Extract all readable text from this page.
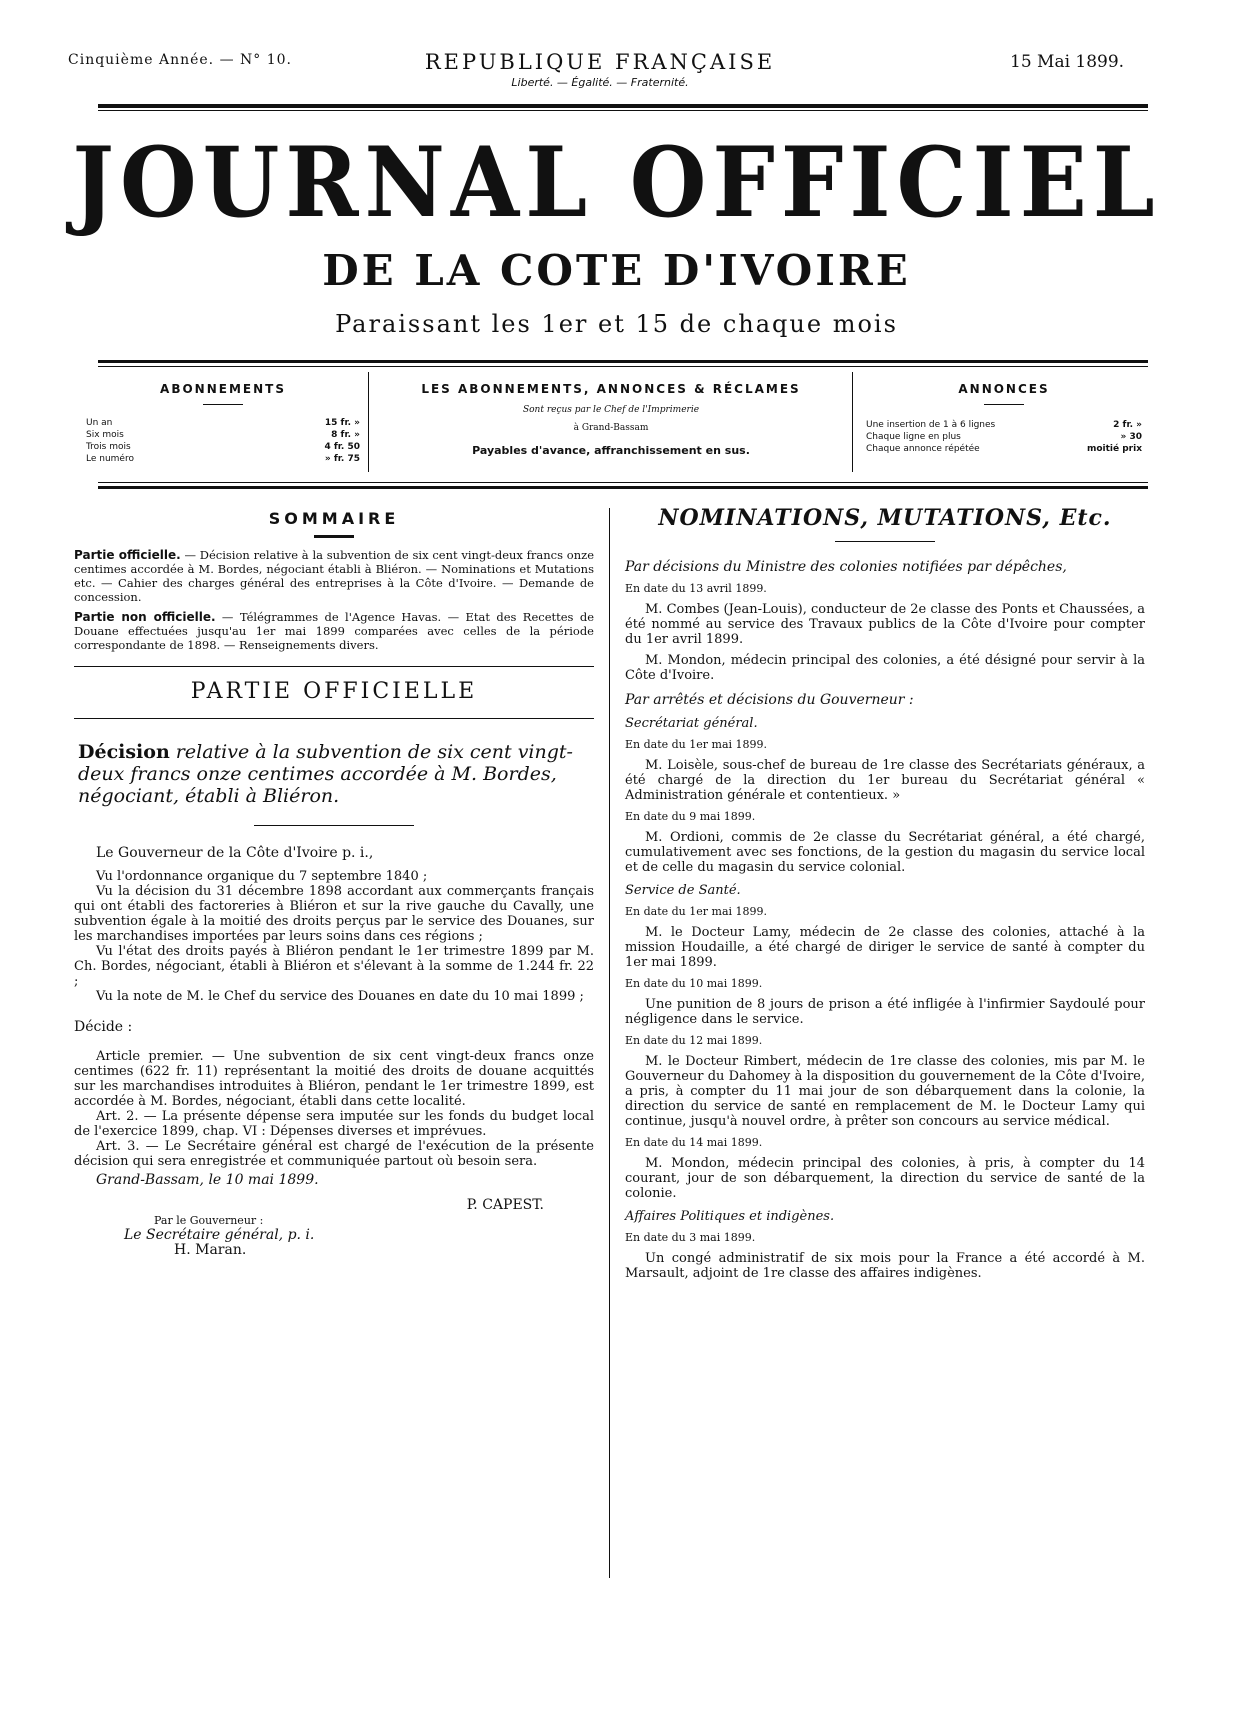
Cinquième Année. — N° 10.	REPUBLIQUE FRANÇAISE
Liberté. — Égalité. — Fraternité.
15 Mai 1899.
JOURNAL OFFICIEL
DE LA COTE D'IVOIRE
Paraissant les 1er et 15 de chaque mois
ABONNEMENTS
Un an	15 fr. »
Six mois	8 fr. »
Trois mois	4 fr. 50
Le numéro	» fr. 75
LES ABONNEMENTS, ANNONCES & RÉCLAMES
Sont reçus par le Chef de l'Imprimerie
à Grand-Bassam
Payables d'avance, affranchissement en sus.
ANNONCES
Une insertion de 1 à 6 lignes	2 fr. »
Chaque ligne en plus	» 30
Chaque annonce répétée	moitié prix
SOMMAIRE

Partie officielle. — Décision relative à la subvention de six cent vingt-deux francs onze centimes accordée à M. Bordes, négociant établi à Bliéron. — Nominations et Mutations etc. — Cahier des charges général des entreprises à la Côte d'Ivoire. — Demande de concession.

Partie non officielle. — Télégrammes de l'Agence Havas. — Etat des Recettes de Douane effectuées jusqu'au 1er mai 1899 comparées avec celles de la période correspondante de 1898. — Renseignements divers.

PARTIE OFFICIELLE

Décision relative à la subvention de six cent vingt-deux francs onze centimes accordée à M. Bordes, négociant, établi à Bliéron.

Le Gouverneur de la Côte d'Ivoire p. i.,

Vu l'ordonnance organique du 7 septembre 1840 ;

Vu la décision du 31 décembre 1898 accordant aux commerçants français qui ont établi des factoreries à Bliéron et sur la rive gauche du Cavally, une subvention égale à la moitié des droits perçus par le service des Douanes, sur les marchandises importées par leurs soins dans ces régions ;

Vu l'état des droits payés à Bliéron pendant le 1er trimestre 1899 par M. Ch. Bordes, négociant, établi à Bliéron et s'élevant à la somme de 1.244 fr. 22 ;

Vu la note de M. le Chef du service des Douanes en date du 10 mai 1899 ;

Décide :

Article premier. — Une subvention de six cent vingt-deux francs onze centimes (622 fr. 11) représentant la moitié des droits de douane acquittés sur les marchandises introduites à Bliéron, pendant le 1er trimestre 1899, est accordée à M. Bordes, négociant, établi dans cette localité.

Art. 2. — La présente dépense sera imputée sur les fonds du budget local de l'exercice 1899, chap. VI : Dépenses diverses et imprévues.

Art. 3. — Le Secrétaire général est chargé de l'exécution de la présente décision qui sera enregistrée et communiquée partout où besoin sera.

Grand-Bassam, le 10 mai 1899.

P. CAPEST.

Par le Gouverneur :

Le Secrétaire général, p. i.

H. Maran.

NOMINATIONS, MUTATIONS, Etc.

Par décisions du Ministre des colonies notifiées par dépêches,

En date du 13 avril 1899.

M. Combes (Jean-Louis), conducteur de 2e classe des Ponts et Chaussées, a été nommé au service des Travaux publics de la Côte d'Ivoire pour compter du 1er avril 1899.

M. Mondon, médecin principal des colonies, a été désigné pour servir à la Côte d'Ivoire.

Par arrêtés et décisions du Gouverneur :

Secrétariat général.

En date du 1er mai 1899.

M. Loisèle, sous-chef de bureau de 1re classe des Secrétariats généraux, a été chargé de la direction du 1er bureau du Secrétariat général « Administration générale et contentieux. »

En date du 9 mai 1899.

M. Ordioni, commis de 2e classe du Secrétariat général, a été chargé, cumulativement avec ses fonctions, de la gestion du magasin du service local et de celle du magasin du service colonial.

Service de Santé.

En date du 1er mai 1899.

M. le Docteur Lamy, médecin de 2e classe des colonies, attaché à la mission Houdaille, a été chargé de diriger le service de santé à compter du 1er mai 1899.

En date du 10 mai 1899.

Une punition de 8 jours de prison a été infligée à l'infirmier Saydoulé pour négligence dans le service.

En date du 12 mai 1899.

M. le Docteur Rimbert, médecin de 1re classe des colonies, mis par M. le Gouverneur du Dahomey à la disposition du gouvernement de la Côte d'Ivoire, a pris, à compter du 11 mai jour de son débarquement dans la colonie, la direction du service de santé en remplacement de M. le Docteur Lamy qui continue, jusqu'à nouvel ordre, à prêter son concours au service médical.

En date du 14 mai 1899.

M. Mondon, médecin principal des colonies, à pris, à compter du 14 courant, jour de son débarquement, la direction du service de santé de la colonie.

Affaires Politiques et indigènes.

En date du 3 mai 1899.

Un congé administratif de six mois pour la France a été accordé à M. Marsault, adjoint de 1re classe des affaires indigènes.
